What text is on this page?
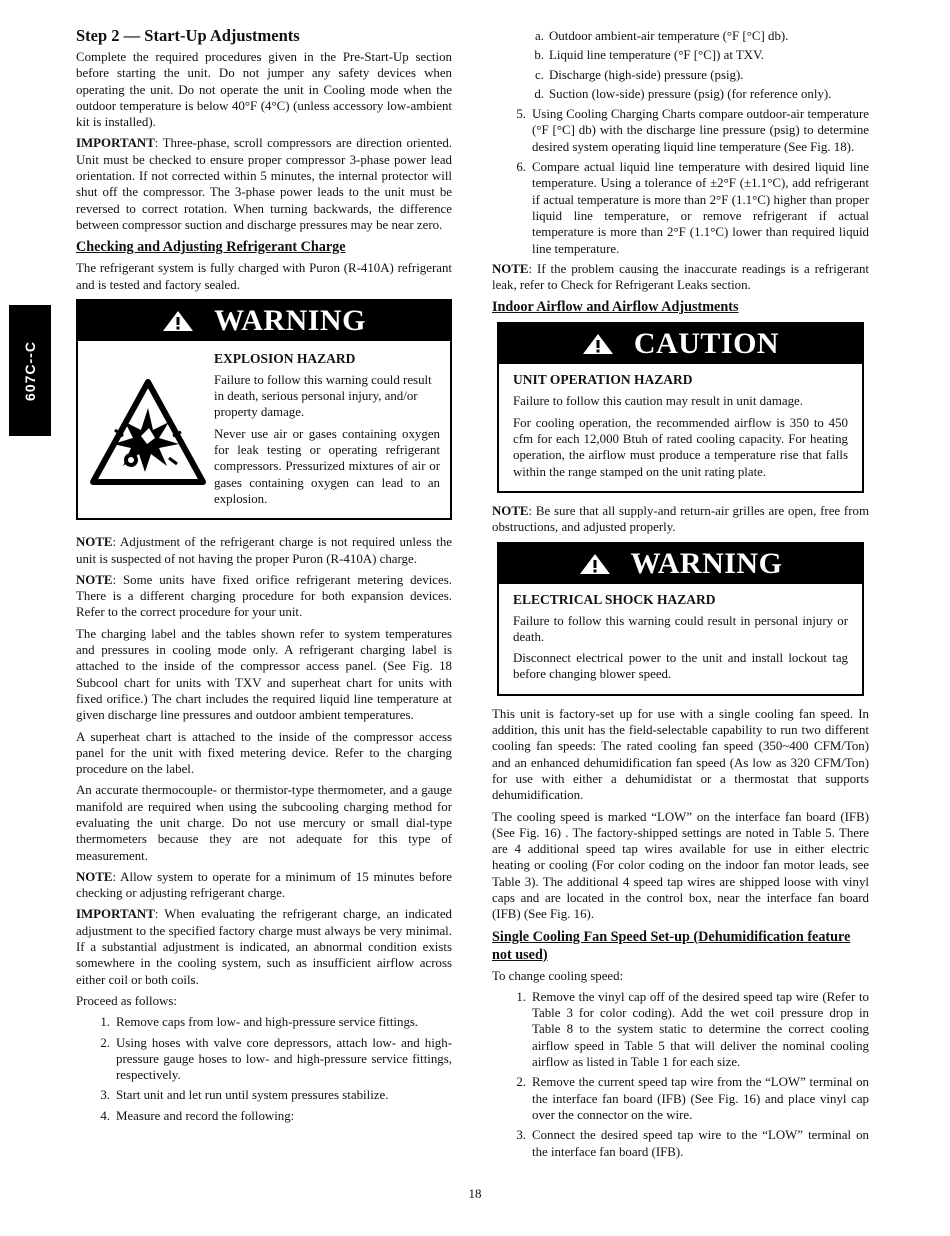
607C--C
Step 2 — Start-Up Adjustments

Complete the required procedures given in the Pre-Start-Up section before starting the unit. Do not jumper any safety devices when operating the unit. Do not operate the unit in Cooling mode when the outdoor temperature is below 40°F (4°C) (unless accessory low-ambient kit is installed).

IMPORTANT: Three-phase, scroll compressors are direction oriented. Unit must be checked to ensure proper compressor 3-phase power lead orientation. If not corrected within 5 minutes, the internal protector will shut off the compressor. The 3-phase power leads to the unit must be reversed to correct rotation. When turning backwards, the difference between compressor suction and discharge pressures may be near zero.

Checking and Adjusting Refrigerant Charge

The refrigerant system is fully charged with Puron (R-410A) refrigerant and is tested and factory sealed.

WARNING
EXPLOSION HAZARD

Failure to follow this warning could result in death, serious personal injury, and/or property damage.

Never use air or gases containing oxygen for leak testing or operating refrigerant compressors. Pressurized mixtures of air or gases containing oxygen can lead to an explosion.

NOTE: Adjustment of the refrigerant charge is not required unless the unit is suspected of not having the proper Puron (R-410A) charge.

NOTE: Some units have fixed orifice refrigerant metering devices. There is a different charging procedure for both expansion devices. Refer to the correct procedure for your unit.

The charging label and the tables shown refer to system temperatures and pressures in cooling mode only. A refrigerant charging label is attached to the inside of the compressor access panel. (See Fig. 18 Subcool chart for units with TXV and superheat chart for units with fixed orifice.) The chart includes the required liquid line temperature at given discharge line pressures and outdoor ambient temperatures.

A superheat chart is attached to the inside of the compressor access panel for the unit with fixed metering device. Refer to the charging procedure on the label.

An accurate thermocouple- or thermistor-type thermometer, and a gauge manifold are required when using the subcooling charging method for evaluating the unit charge. Do not use mercury or small dial-type thermometers because they are not adequate for this type of measurement.

NOTE: Allow system to operate for a minimum of 15 minutes before checking or adjusting refrigerant charge.

IMPORTANT: When evaluating the refrigerant charge, an indicated adjustment to the specified factory charge must always be very minimal. If a substantial adjustment is indicated, an abnormal condition exists somewhere in the cooling system, such as insufficient airflow across either coil or both coils.

Proceed as follows:

1. Remove caps from low- and high-pressure service fittings.
2. Using hoses with valve core depressors, attach low- and high-pressure gauge hoses to low- and high-pressure service fittings, respectively.
3. Start unit and let run until system pressures stabilize.
4. Measure and record the following:
a. Outdoor ambient-air temperature (°F [°C] db).
b. Liquid line temperature (°F [°C]) at TXV.
c. Discharge (high-side) pressure (psig).
d. Suction (low-side) pressure (psig) (for reference only).
5. Using Cooling Charging Charts compare outdoor-air temperature (°F [°C] db) with the discharge line pressure (psig) to determine desired system operating liquid line temperature (See Fig. 18).
6. Compare actual liquid line temperature with desired liquid line temperature. Using a tolerance of ±2°F (±1.1°C), add refrigerant if actual temperature is more than 2°F (1.1°C) higher than proper liquid line temperature, or remove refrigerant if actual temperature is more than 2°F (1.1°C) lower than required liquid line temperature.

NOTE: If the problem causing the inaccurate readings is a refrigerant leak, refer to Check for Refrigerant Leaks section.

Indoor Airflow and Airflow Adjustments
CAUTION
UNIT OPERATION HAZARD

Failure to follow this caution may result in unit damage.

For cooling operation, the recommended airflow is 350 to 450 cfm for each 12,000 Btuh of rated cooling capacity. For heating operation, the airflow must produce a temperature rise that falls within the range stamped on the unit rating plate.

NOTE: Be sure that all supply-and return-air grilles are open, free from obstructions, and adjusted properly.

WARNING
ELECTRICAL SHOCK HAZARD

Failure to follow this warning could result in personal injury or death.

Disconnect electrical power to the unit and install lockout tag before changing blower speed.

This unit is factory-set up for use with a single cooling fan speed. In addition, this unit has the field-selectable capability to run two different cooling fan speeds: The rated cooling fan speed (350~400 CFM/Ton) and an enhanced dehumidification fan speed (As low as 320 CFM/Ton) for use with either a dehumidistat or a thermostat that supports dehumidification.

The cooling speed is marked “LOW” on the interface fan board (IFB) (See Fig. 16) . The factory-shipped settings are noted in Table 5. There are 4 additional speed tap wires available for use in either electric heating or cooling (For color coding on the indoor fan motor leads, see Table 3). The additional 4 speed tap wires are shipped loose with vinyl caps and are located in the control box, near the interface fan board (IFB) (See Fig. 16).

Single Cooling Fan Speed Set-up (Dehumidification feature not used)

To change cooling speed:

1. Remove the vinyl cap off of the desired speed tap wire (Refer to Table 3 for color coding). Add the wet coil pressure drop in Table 8 to the system static to determine the correct cooling airflow speed in Table 5 that will deliver the nominal cooling airflow as listed in Table 1 for each size.
2. Remove the current speed tap wire from the “LOW” terminal on the interface fan board (IFB) (See Fig. 16) and place vinyl cap over the connector on the wire.
3. Connect the desired speed tap wire to the “LOW” terminal on the interface fan board (IFB).
18
